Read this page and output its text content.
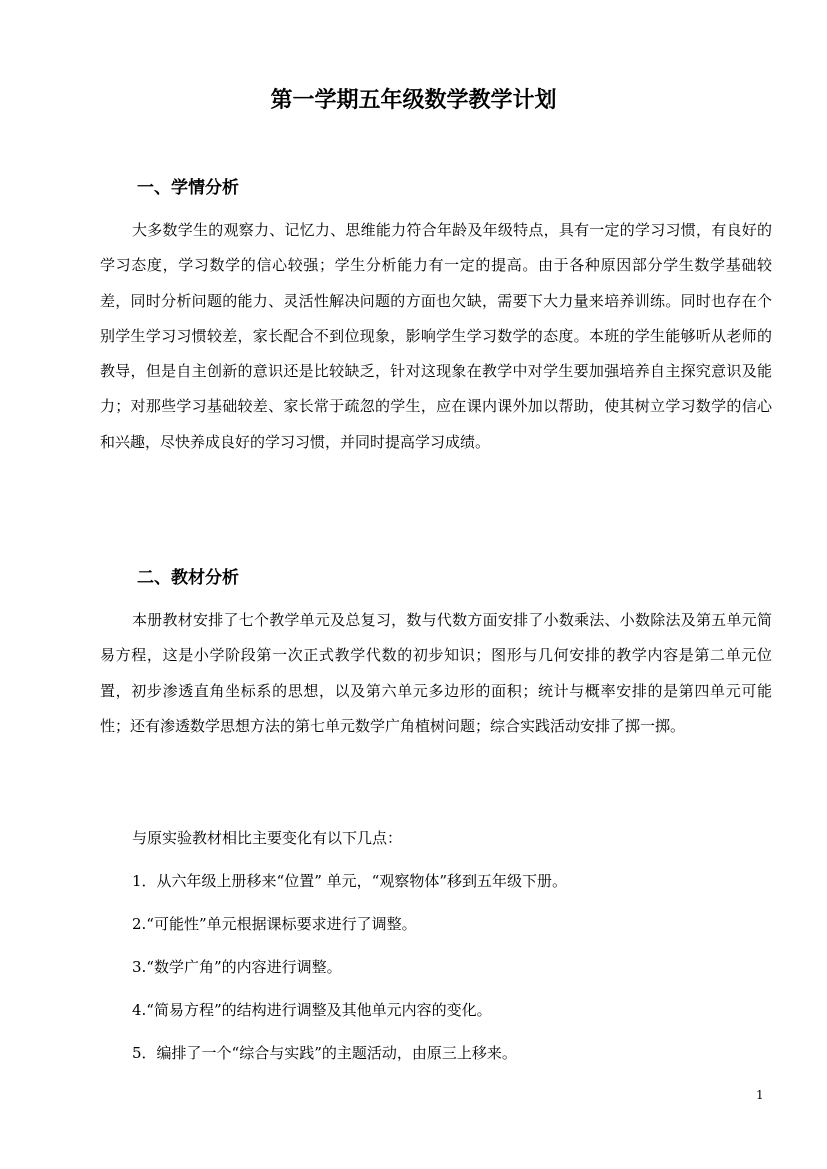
第一学期五年级数学教学计划
一、学情分析
大多数学生的观察力、记忆力、思维能力符合年龄及年级特点，具有一定的学习习惯，有良好的学习态度，学习数学的信心较强；学生分析能力有一定的提高。由于各种原因部分学生数学基础较差，同时分析问题的能力、灵活性解决问题的方面也欠缺，需要下大力量来培养训练。同时也存在个别学生学习习惯较差，家长配合不到位现象，影响学生学习数学的态度。本班的学生能够听从老师的教导，但是自主创新的意识还是比较缺乏，针对这现象在教学中对学生要加强培养自主探究意识及能力；对那些学习基础较差、家长常于疏忽的学生，应在课内课外加以帮助，使其树立学习数学的信心和兴趣，尽快养成良好的学习习惯，并同时提高学习成绩。
二、教材分析
本册教材安排了七个教学单元及总复习，数与代数方面安排了小数乘法、小数除法及第五单元简易方程，这是小学阶段第一次正式教学代数的初步知识；图形与几何安排的教学内容是第二单元位置，初步渗透直角坐标系的思想，以及第六单元多边形的面积；统计与概率安排的是第四单元可能性；还有渗透数学思想方法的第七单元数学广角植树问题；综合实践活动安排了掷一掷。
与原实验教材相比主要变化有以下几点：
1．从六年级上册移来“位置” 单元，“观察物体”移到五年级下册。
2.“可能性”单元根据课标要求进行了调整。
3.“数学广角”的内容进行调整。
4.“简易方程”的结构进行调整及其他单元内容的变化。
5．编排了一个“综合与实践”的主题活动，由原三上移来。
1
